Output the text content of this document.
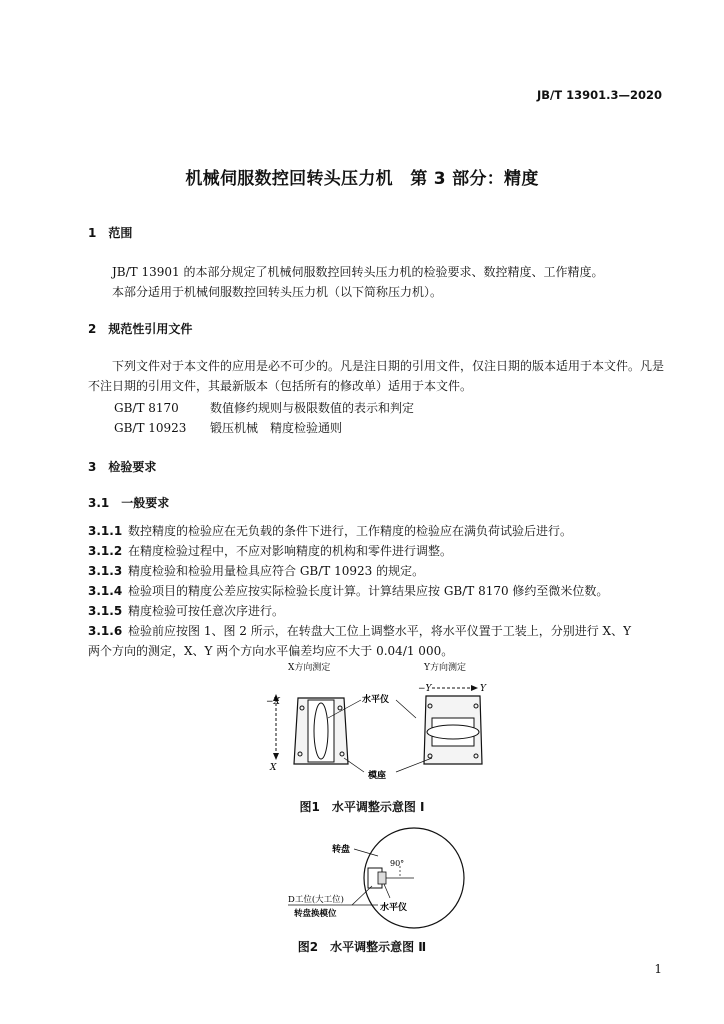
JB/T 13901.3—2020
机械伺服数控回转头压力机　第 3 部分：精度
1　范围
JB/T 13901 的本部分规定了机械伺服数控回转头压力机的检验要求、数控精度、工作精度。
本部分适用于机械伺服数控回转头压力机（以下简称压力机）。
2　规范性引用文件
下列文件对于本文件的应用是必不可少的。凡是注日期的引用文件，仅注日期的版本适用于本文件。凡是不注日期的引用文件，其最新版本（包括所有的修改单）适用于本文件。
GB/T 8170	数值修约规则与极限数值的表示和判定
GB/T 10923 锻压机械　精度检验通则
3　检验要求
3.1　一般要求
3.1.1 数控精度的检验应在无负载的条件下进行，工作精度的检验应在满负荷试验后进行。
3.1.2 在精度检验过程中，不应对影响精度的机构和零件进行调整。
3.1.3 精度检验和检验用量检具应符合 GB/T 10923 的规定。
3.1.4 检验项目的精度公差应按实际检验长度计算。计算结果应按 GB/T 8170 修约至微米位数。
3.1.5 精度检验可按任意次序进行。
3.1.6 检验前应按图 1、图 2 所示，在转盘大工位上调整水平，将水平仪置于工装上，分别进行 X、Y
两个方向的测定，X、Y 两个方向水平偏差均应不大于 0.04/1 000。
X方向测定	Y方向测定
−X
X
水平仪
−Y	Y
模座
图1　水平调整示意图 Ⅰ
转盘
90°
D工位(大工位)
转盘换模位
水平仪
图2　水平调整示意图 Ⅱ
1
